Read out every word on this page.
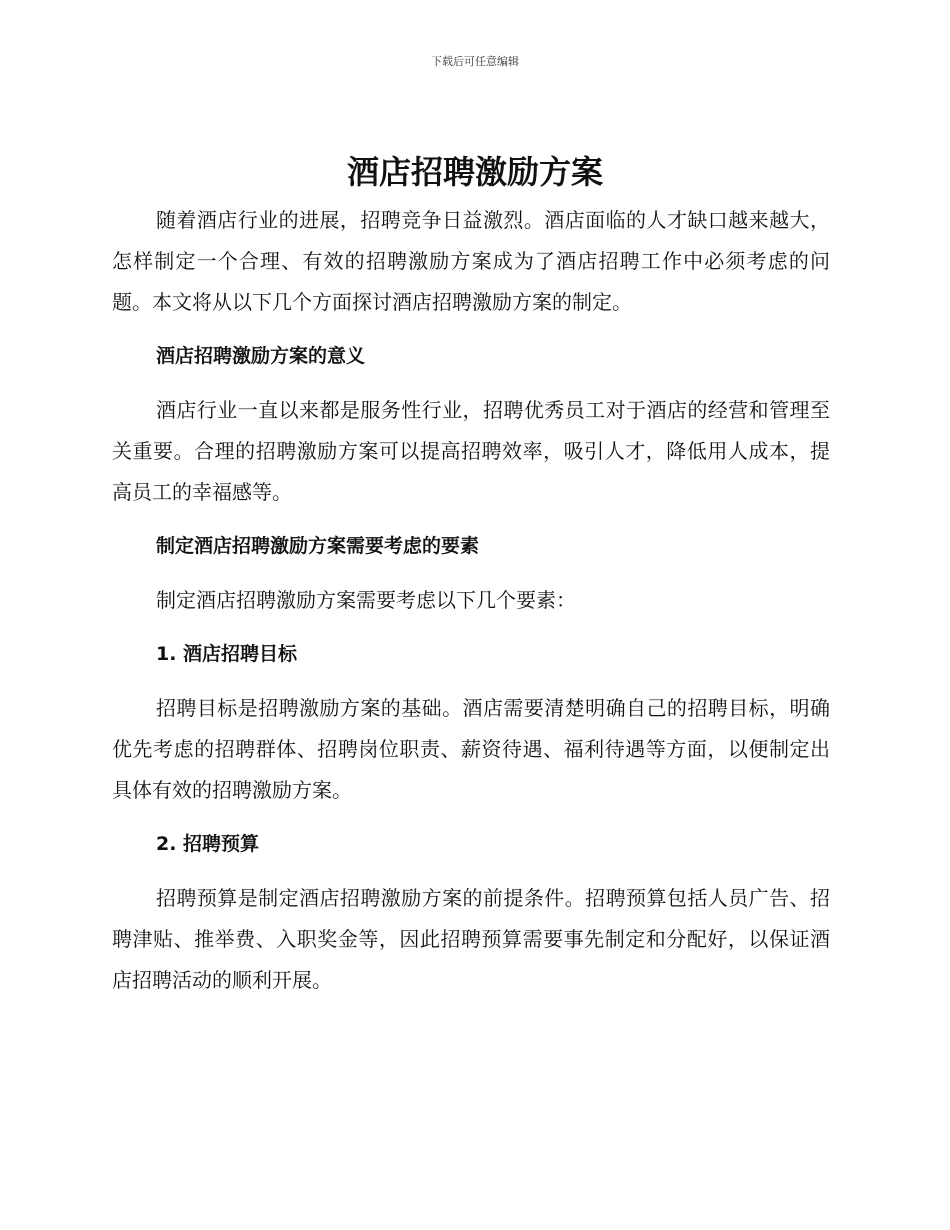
下载后可任意编辑
酒店招聘激励方案

随着酒店行业的进展，招聘竞争日益激烈。酒店面临的人才缺口越来越大，怎样制定一个合理、有效的招聘激励方案成为了酒店招聘工作中必须考虑的问题。本文将从以下几个方面探讨酒店招聘激励方案的制定。

酒店招聘激励方案的意义

酒店行业一直以来都是服务性行业，招聘优秀员工对于酒店的经营和管理至关重要。合理的招聘激励方案可以提高招聘效率，吸引人才，降低用人成本，提高员工的幸福感等。

制定酒店招聘激励方案需要考虑的要素

制定酒店招聘激励方案需要考虑以下几个要素：

1. 酒店招聘目标

招聘目标是招聘激励方案的基础。酒店需要清楚明确自己的招聘目标，明确优先考虑的招聘群体、招聘岗位职责、薪资待遇、福利待遇等方面，以便制定出具体有效的招聘激励方案。

2. 招聘预算

招聘预算是制定酒店招聘激励方案的前提条件。招聘预算包括人员广告、招聘津贴、推举费、入职奖金等，因此招聘预算需要事先制定和分配好，以保证酒店招聘活动的顺利开展。
